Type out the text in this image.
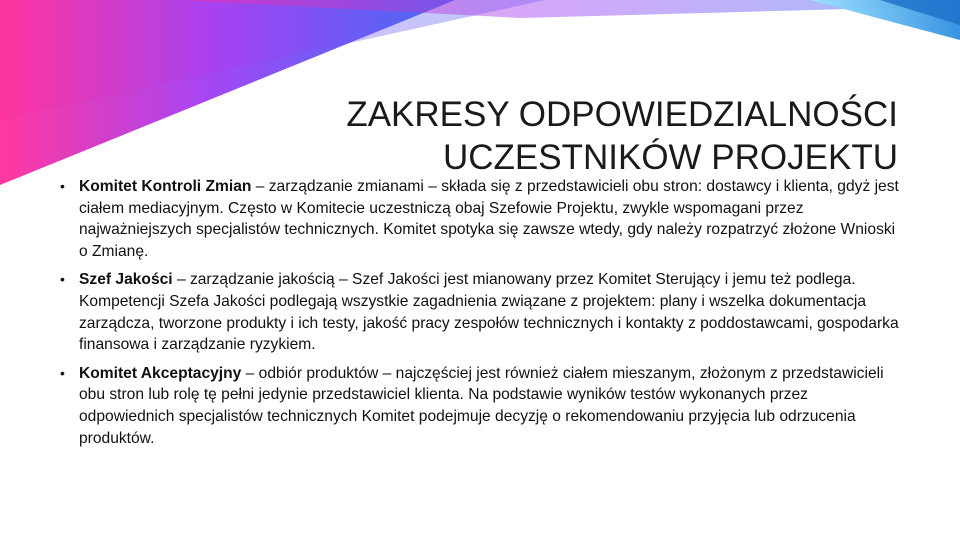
ZAKRESY ODPOWIEDZIALNOŚCI
UCZESTNIKÓW PROJEKTU
• Komitet Kontroli Zmian – zarządzanie zmianami – składa się z przedstawicieli obu stron: dostawcy i klienta, gdyż jest ciałem mediacyjnym. Często w Komitecie uczestniczą obaj Szefowie Projektu, zwykle wspomagani przez najważniejszych specjalistów technicznych. Komitet spotyka się zawsze wtedy, gdy należy rozpatrzyć złożone Wnioski o Zmianę.
• Szef Jakości – zarządzanie jakością – Szef Jakości jest mianowany przez Komitet Sterujący i jemu też podlega. Kompetencji Szefa Jakości podlegają wszystkie zagadnienia związane z projektem: plany i wszelka dokumentacja zarządcza, tworzone produkty i ich testy, jakość pracy zespołów technicznych i kontakty z poddostawcami, gospodarka finansowa i zarządzanie ryzykiem.
• Komitet Akceptacyjny – odbiór produktów – najczęściej jest również ciałem mieszanym, złożonym z przedstawicieli obu stron lub rolę tę pełni jedynie przedstawiciel klienta. Na podstawie wyników testów wykonanych przez odpowiednich specjalistów technicznych Komitet podejmuje decyzję o rekomendowaniu przyjęcia lub odrzucenia produktów.
